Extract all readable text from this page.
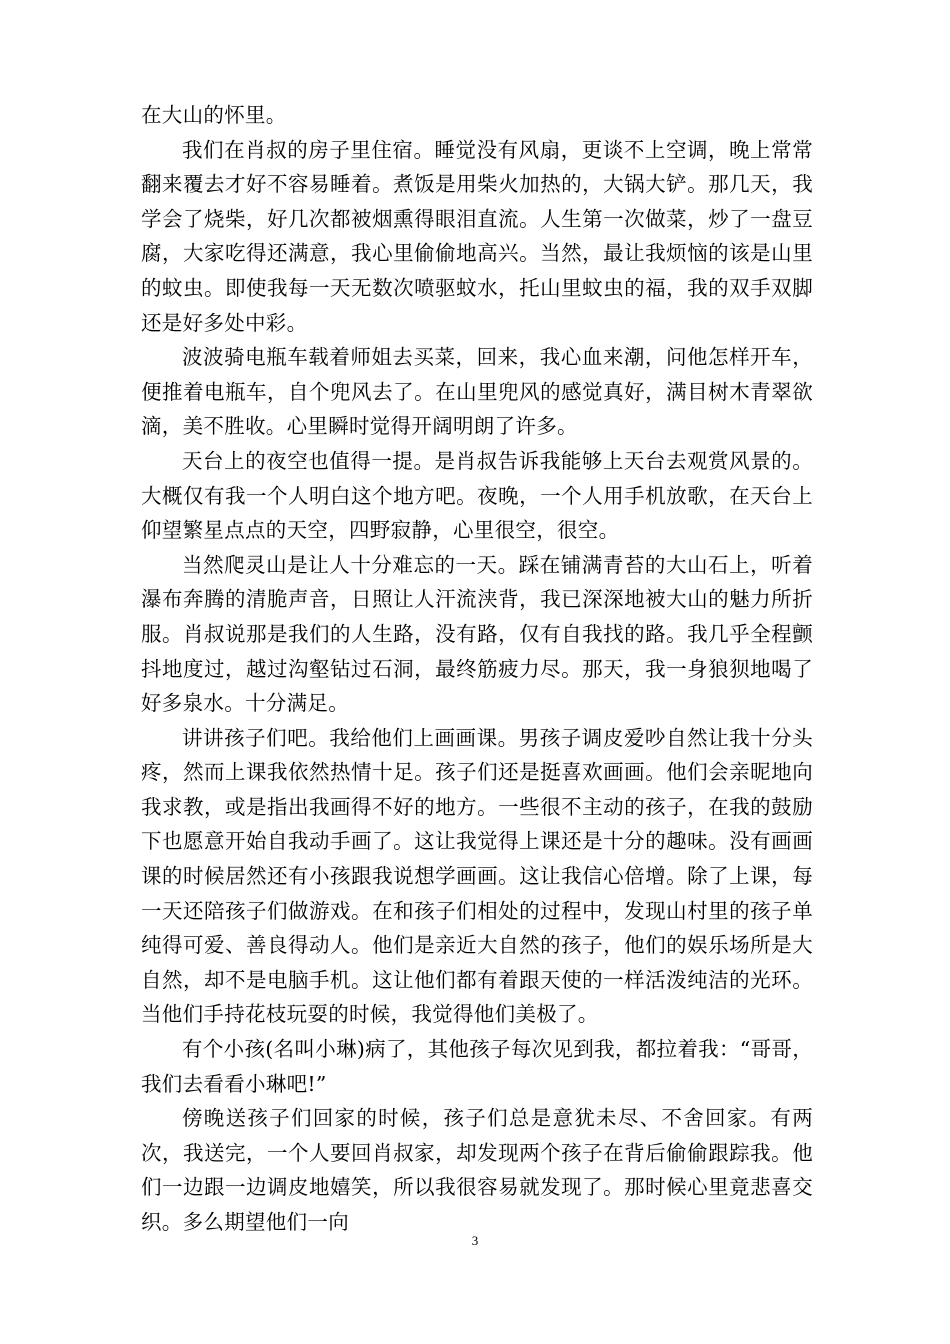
在大山的怀里。

我们在肖叔的房子里住宿。睡觉没有风扇，更谈不上空调，晚上常常翻来覆去才好不容易睡着。煮饭是用柴火加热的，大锅大铲。那几天，我学会了烧柴，好几次都被烟熏得眼泪直流。人生第一次做菜，炒了一盘豆腐，大家吃得还满意，我心里偷偷地高兴。当然，最让我烦恼的该是山里的蚊虫。即使我每一天无数次喷驱蚊水，托山里蚊虫的福，我的双手双脚还是好多处中彩。

波波骑电瓶车载着师姐去买菜，回来，我心血来潮，问他怎样开车，便推着电瓶车，自个兜风去了。在山里兜风的感觉真好，满目树木青翠欲滴，美不胜收。心里瞬时觉得开阔明朗了许多。

天台上的夜空也值得一提。是肖叔告诉我能够上天台去观赏风景的。大概仅有我一个人明白这个地方吧。夜晚，一个人用手机放歌，在天台上仰望繁星点点的天空，四野寂静，心里很空，很空。

当然爬灵山是让人十分难忘的一天。踩在铺满青苔的大山石上，听着瀑布奔腾的清脆声音，日照让人汗流浃背，我已深深地被大山的魅力所折服。肖叔说那是我们的人生路，没有路，仅有自我找的路。我几乎全程颤抖地度过，越过沟壑钻过石洞，最终筋疲力尽。那天，我一身狼狈地喝了好多泉水。十分满足。

讲讲孩子们吧。我给他们上画画课。男孩子调皮爱吵自然让我十分头疼，然而上课我依然热情十足。孩子们还是挺喜欢画画。他们会亲昵地向我求教，或是指出我画得不好的地方。一些很不主动的孩子，在我的鼓励下也愿意开始自我动手画了。这让我觉得上课还是十分的趣味。没有画画课的时候居然还有小孩跟我说想学画画。这让我信心倍增。除了上课，每一天还陪孩子们做游戏。在和孩子们相处的过程中，发现山村里的孩子单纯得可爱、善良得动人。他们是亲近大自然的孩子，他们的娱乐场所是大自然，却不是电脑手机。这让他们都有着跟天使的一样活泼纯洁的光环。当他们手持花枝玩耍的时候，我觉得他们美极了。

有个小孩(名叫小琳)病了，其他孩子每次见到我，都拉着我：“哥哥，我们去看看小琳吧!”

傍晚送孩子们回家的时候，孩子们总是意犹未尽、不舍回家。有两次，我送完，一个人要回肖叔家，却发现两个孩子在背后偷偷跟踪我。他们一边跟一边调皮地嬉笑，所以我很容易就发现了。那时候心里竟悲喜交织。多么期望他们一向

3
